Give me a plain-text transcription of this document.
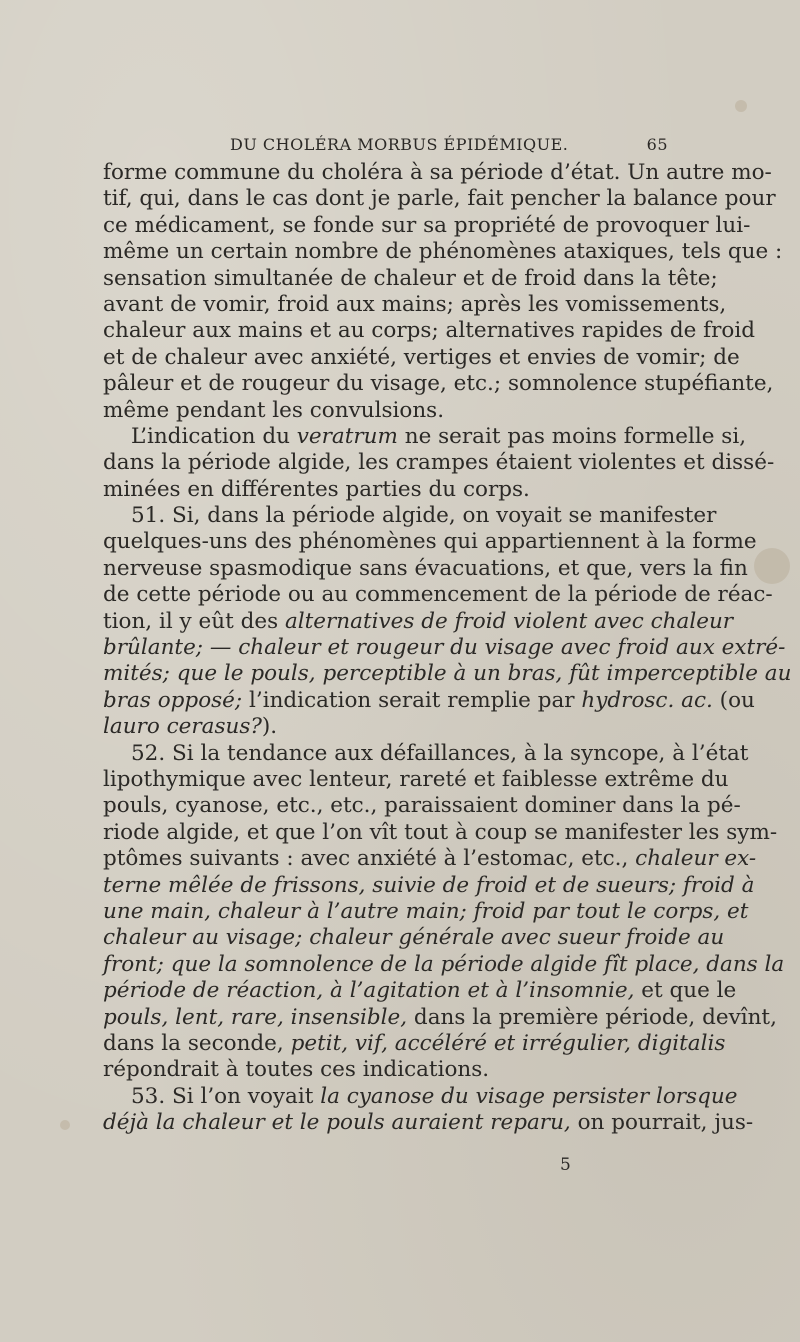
DU CHOLÉRA MORBUS ÉPIDÉMIQUE.	65
forme commune du choléra à sa période d’état. Un autre mo-
tif, qui, dans le cas dont je parle, fait pencher la balance pour
ce médicament, se fonde sur sa propriété de provoquer lui-
même un certain nombre de phénomènes ataxiques, tels que :
sensation simultanée de chaleur et de froid dans la tête;
avant de vomir, froid aux mains; après les vomissements,
chaleur aux mains et au corps; alternatives rapides de froid
et de chaleur avec anxiété, vertiges et envies de vomir; de
pâleur et de rougeur du visage, etc.; somnolence stupéfiante,
même pendant les convulsions.
L’indication du veratrum ne serait pas moins formelle si,
dans la période algide, les crampes étaient violentes et dissé-
minées en différentes parties du corps.
51. Si, dans la période algide, on voyait se manifester
quelques-uns des phénomènes qui appartiennent à la forme
nerveuse spasmodique sans évacuations, et que, vers la fin
de cette période ou au commencement de la période de réac-
tion, il y eût des alternatives de froid violent avec chaleur
brûlante; — chaleur et rougeur du visage avec froid aux extré-
mités; que le pouls, perceptible à un bras, fût imperceptible au
bras opposé; l’indication serait remplie par hydrosc. ac. (ou
lauro cerasus?).
52. Si la tendance aux défaillances, à la syncope, à l’état
lipothymique avec lenteur, rareté et faiblesse extrême du
pouls, cyanose, etc., etc., paraissaient dominer dans la pé-
riode algide, et que l’on vît tout à coup se manifester les sym-
ptômes suivants : avec anxiété à l’estomac, etc., chaleur ex-
terne mêlée de frissons, suivie de froid et de sueurs; froid à
une main, chaleur à l’autre main; froid par tout le corps, et
chaleur au visage; chaleur générale avec sueur froide au
front; que la somnolence de la période algide fît place, dans la
période de réaction, à l’agitation et à l’insomnie, et que le
pouls, lent, rare, insensible, dans la première période, devînt,
dans la seconde, petit, vif, accéléré et irrégulier, digitalis
répondrait à toutes ces indications.
53. Si l’on voyait la cyanose du visage persister lorsque
déjà la chaleur et le pouls auraient reparu, on pourrait, jus-
5
